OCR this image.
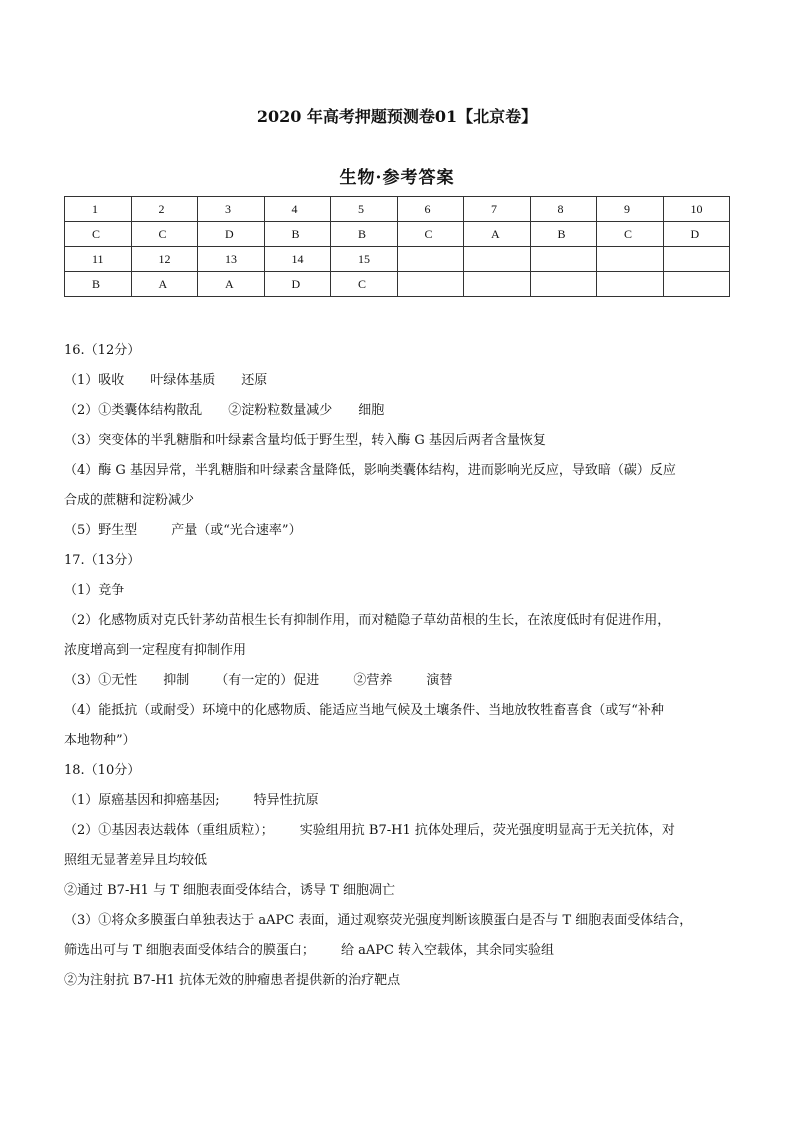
2020 年高考押题预测卷01【北京卷】
生物·参考答案
1	2	3	4	5	6	7	8	9	10
C	C	D	B	B	C	A	B	C	D
11	12	13	14	15					
B	A	A	D	C					
16.（12分）
（1）吸收 叶绿体基质 还原
（2）①类囊体结构散乱 ②淀粉粒数量减少 细胞
（3）突变体的半乳糖脂和叶绿素含量均低于野生型，转入酶 G 基因后两者含量恢复
（4）酶 G 基因异常，半乳糖脂和叶绿素含量降低，影响类囊体结构，进而影响光反应，导致暗（碳）反应
合成的蔗糖和淀粉减少
（5）野生型	产量（或“光合速率”）
17.（13分）
（1）竞争
（2）化感物质对克氏针茅幼苗根生长有抑制作用，而对糙隐子草幼苗根的生长，在浓度低时有促进作用，
浓度增高到一定程度有抑制作用
（3）①无性 抑制 （有一定的）促进	②营养	演替
（4）能抵抗（或耐受）环境中的化感物质、能适应当地气候及土壤条件、当地放牧牲畜喜食（或写“补种
本地物种”）
18.（10分）
（1）原癌基因和抑癌基因;	特异性抗原
（2）①基因表达载体（重组质粒）； 实验组用抗 B7-H1 抗体处理后，荧光强度明显高于无关抗体，对
照组无显著差异且均较低
②通过 B7-H1 与 T 细胞表面受体结合，诱导 T 细胞凋亡
（3）①将众多膜蛋白单独表达于 aAPC 表面，通过观察荧光强度判断该膜蛋白是否与 T 细胞表面受体结合，
筛选出可与 T 细胞表面受体结合的膜蛋白； 给 aAPC 转入空载体，其余同实验组
②为注射抗 B7-H1 抗体无效的肿瘤患者提供新的治疗靶点
